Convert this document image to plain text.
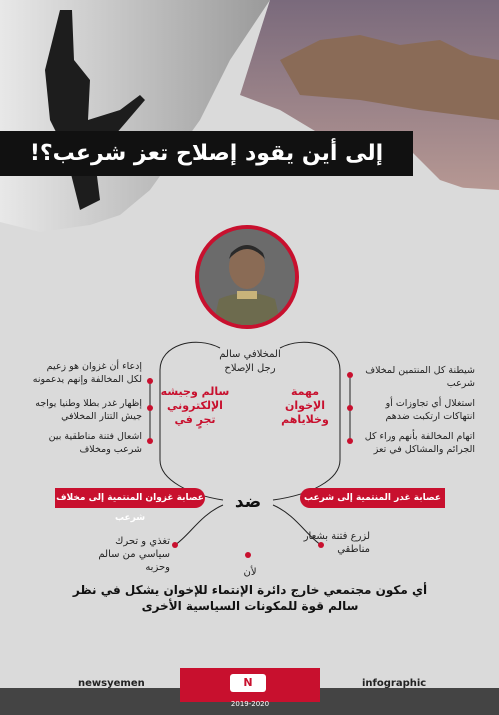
إلى أين يقود إصلاح تعز شرعب؟!
المخلافي سالم
رجل الإصلاح
سالم وجيشه الإلكتروني تجرٍ في
مهمة الإخوان وخلاياهم
إدعاء أن غزوان هو زعيم لكل المخالفة وإنهم يدعمونه
إظهار غدر بطلا وطنيا يواجه جيش التتار المخلافي
اشعال فتنة مناطقية بين شرعب ومخلاف
شيطنة كل المنتمين لمخلاف شرعب
استغلال أي تجاوزات أو انتهاكات ارتكبت ضدهم
اتهام المخالفة بأنهم وراء كل الجرائم والمشاكل في تعز
عصابة غزوان المنتمية إلى مخلاف شرعب
عصابة غدر المنتمية إلى شرعب
ضد
تغذي و تحرك سياسي من سالم وحزبه
لزرع فتنة بشعار مناطقي
لأن
أي مكون مجتمعي خارج دائرة الإنتماء للإخوان يشكل في نظر سالم قوة للمكونات السياسية الأخرى
N
2019-2020
newsyemen	infographic
